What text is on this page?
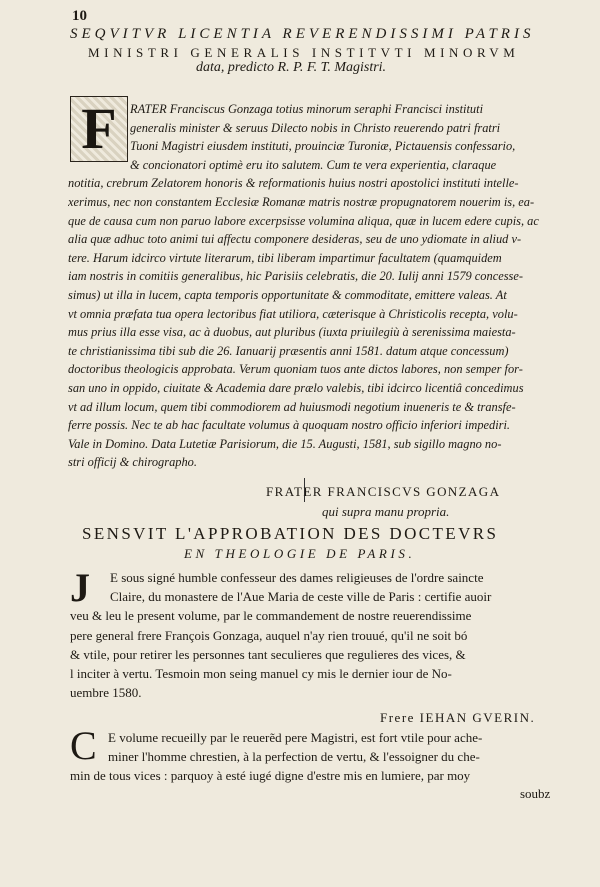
10
SEQVITVR LICENTIA REVERENDISSIMI PATRIS
MINISTRI GENERALIS INSTITVTI MINORVM
data, predicto R. P. F. T. Magistri.
F	RATER Franciscus Gonzaga totius minorum seraphi Francisci instituti
generalis minister & seruus Dilecto nobis in Christo reuerendo patri fratri
Tuoni Magistri eiusdem instituti, prouinciæ Turoniæ, Pictauensis confessario,
& concionatori optimè eru ito salutem. Cum te vera experientia, claraque
notitia, crebrum Zelatorem honoris & reformationis huius nostri apostolici instituti intelle-
xerimus, nec non constantem Ecclesiæ Romanæ matris nostræ propugnatorem nouerim is, ea-
que de causa cum non paruo labore excerpsisse volumina aliqua, quæ in lucem edere cupis, ac
alia quæ adhuc toto animi tui affectu componere desideras, seu de uno ydiomate in aliud v-
tere. Harum idcirco virtute literarum, tibi liberam impartimur facultatem (quamquidem
iam nostris in comitiis generalibus, hic Parisiis celebratis, die 20. Iulij anni 1579 concesse-
simus) ut illa in lucem, capta temporis opportunitate & commoditate, emittere valeas. At
vt omnia præfata tua opera lectoribus fiat utiliora, cæterisque à Christicolis recepta, volu-
mus prius illa esse visa, ac à duobus, aut pluribus (iuxta priuilegiù à serenissima maiesta-
te christianissima tibi sub die 26. Ianuarij præsentis anni 1581. datum atque concessum)
doctoribus theologicis approbata. Verum quoniam tuos ante dictos labores, non semper for-
san uno in oppido, ciuitate & Academia dare prælo valebis, tibi idcirco licentiâ concedimus
vt ad illum locum, quem tibi commodiorem ad huiusmodi negotium inueneris te & transfe-
ferre possis. Nec te ab hac facultate volumus à quoquam nostro officio inferiori impediri.
Vale in Domino. Data Lutetiæ Parisiorum, die 15. Augusti, 1581, sub sigillo magno no-
stri officij & chirographo.
FRATER FRANCISCVS GONZAGA
qui supra manu propria.
SENSVIT L'APPROBATION DES DOCTEVRS
EN THEOLOGIE DE PARIS.
J	E sous signé humble confesseur des dames religieuses de l'ordre saincte
Claire, du monastere de l'Aue Maria de ceste ville de Paris : certifie auoir
veu & leu le present volume, par le commandement de nostre reuerendissime
pere general frere François Gonzaga, auquel n'ay rien trouué, qu'il ne soit bó
& vtile, pour retirer les personnes tant seculieres que regulieres des vices, &
l inciter à vertu. Tesmoin mon seing manuel cy mis le dernier iour de No-
uembre 1580.
Frere IEHAN GVERIN.
C E volume recueilly par le reuerẽd pere Magistri, est fort vtile pour ache-
miner l'homme chrestien, à la perfection de vertu, & l'essoigner du che-
min de tous vices : parquoy à esté iugé digne d'estre mis en lumiere, par moy
soubz
